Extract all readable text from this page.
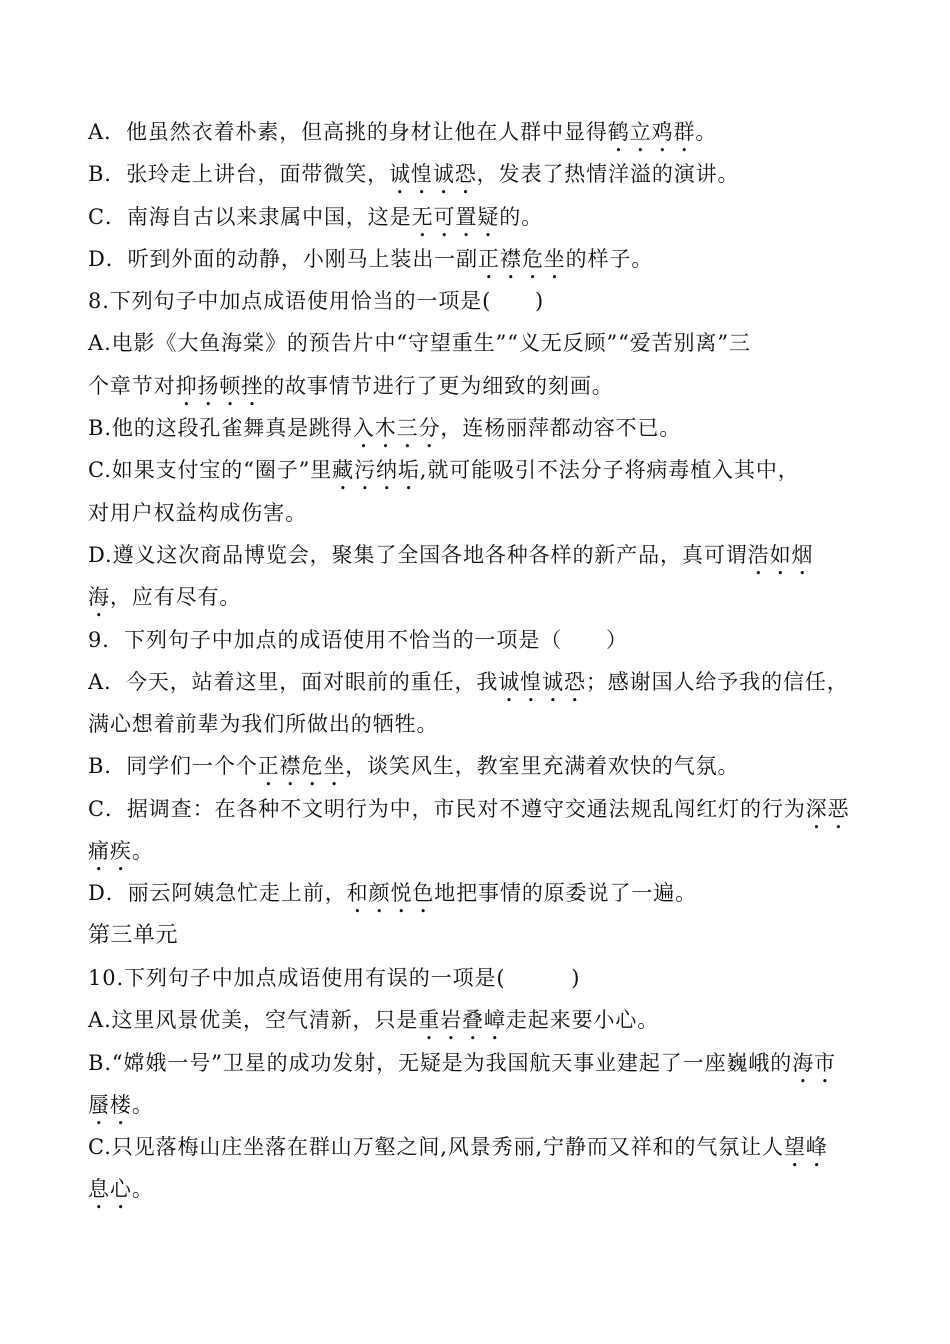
A．他虽然衣着朴素，但高挑的身材让他在人群中显得鹤立鸡群。
B．张玲走上讲台，面带微笑，诚惶诚恐，发表了热情洋溢的演讲。
C．南海自古以来隶属中国，这是无可置疑的。
D．听到外面的动静，小刚马上装出一副正襟危坐的样子。
8.下列句子中加点成语使用恰当的一项是(　　)
A.电影《大鱼海棠》的预告片中“守望重生”“义无反顾”“爱苦别离”三
个章节对抑扬顿挫的故事情节进行了更为细致的刻画。
B.他的这段孔雀舞真是跳得入木三分，连杨丽萍都动容不已。
C.如果支付宝的“圈子”里藏污纳垢,就可能吸引不法分子将病毒植入其中，
对用户权益构成伤害。
D.遵义这次商品博览会，聚集了全国各地各种各样的新产品，真可谓浩如烟
海，应有尽有。
9．下列句子中加点的成语使用不恰当的一项是（　　）
A．今天，站着这里，面对眼前的重任，我诚惶诚恐；感谢国人给予我的信任，
满心想着前辈为我们所做出的牺牲。
B．同学们一个个正襟危坐，谈笑风生，教室里充满着欢快的气氛。
C．据调查：在各种不文明行为中，市民对不遵守交通法规乱闯红灯的行为深恶
痛疾。
D．丽云阿姨急忙走上前，和颜悦色地把事情的原委说了一遍。
第三单元
10.下列句子中加点成语使用有误的一项是(　　　)
A.这里风景优美，空气清新，只是重岩叠嶂走起来要小心。
B.“嫦娥一号”卫星的成功发射，无疑是为我国航天事业建起了一座巍峨的海市
蜃楼。
C.只见落梅山庄坐落在群山万壑之间,风景秀丽,宁静而又祥和的气氛让人望峰
息心。
